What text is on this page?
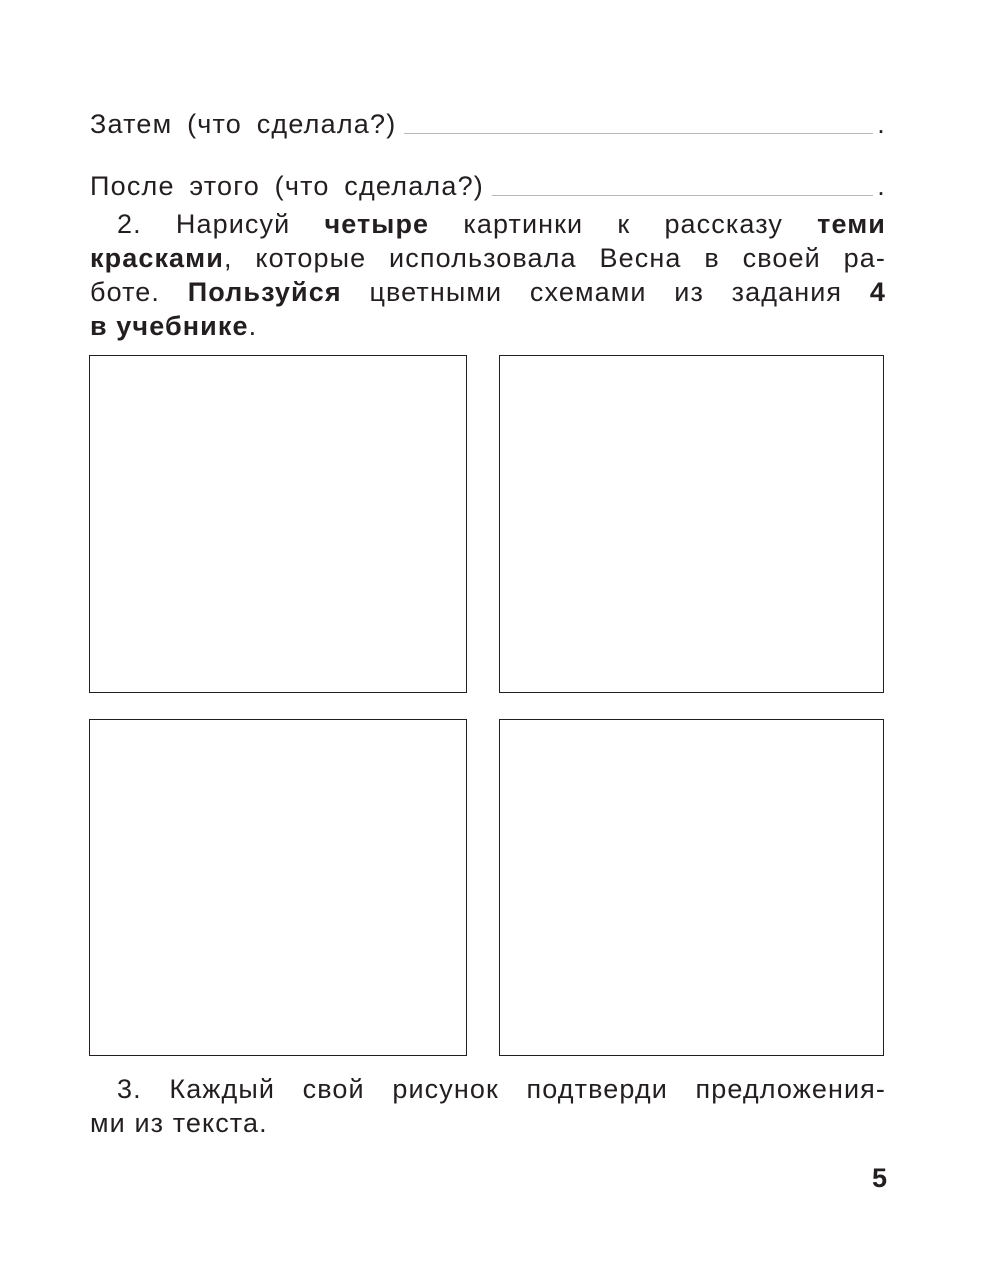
Затем (что сделала?)	.
После этого (что сделала?)	.
2. Нарисуй четыре картинки к рассказу теми
красками, которые использовала Весна в своей ра-
боте. Пользуйся цветными схемами из задания 4
в учебнике.
3. Каждый свой рисунок подтверди предложения-
ми из текста.
5
